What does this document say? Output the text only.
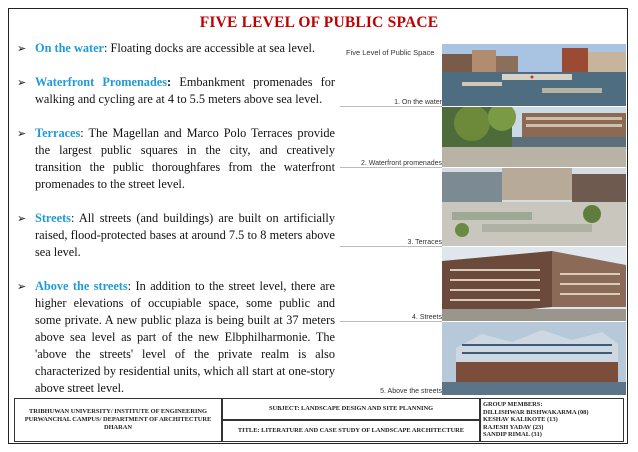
FIVE LEVEL OF PUBLIC SPACE
➢ On the water: Floating docks are accessible at sea level.
➢ Waterfront Promenades: Embankment promenades for walking and cycling are at 4 to 5.5 meters above sea level.
➢ Terraces: The Magellan and Marco Polo Terraces provide the largest public squares in the city, and creatively transition the public thoroughfares from the waterfront promenades to the street level.
➢ Streets: All streets (and buildings) are built on artificially raised, flood-protected bases at around 7.5 to 8 meters above sea level.
➢ Above the streets: In addition to the street level, there are higher elevations of occupiable space, some public and some private. A new public plaza is being built at 37 meters above sea level as part of the new Elbphilharmonie. The 'above the streets' level of the private realm is also characterized by residential units, which all start at one-story above street level.
Five Level of Public Space
1. On the water
2. Waterfront promenades
3. Terraces
4. Streets
5. Above the streets
TRIBHUWAN UNIVERSITY/ INSTITUTE OF ENGINEERING
PURWANCHAL CAMPUS/ DEPARTMENT OF ARCHITECTURE
DHARAN
SUBJECT: LANDSCAPE DESIGN AND SITE PLANNING
TITLE: LITERATURE AND CASE STUDY OF LANDSCAPE ARCHITECTURE
GROUP MEMBERS:
DILLISHWAR BISHWAKARMA (08)
KESHAV KALIKOTE (13)
RAJESH YADAV (23)
SANDIP RIMAL (31)
